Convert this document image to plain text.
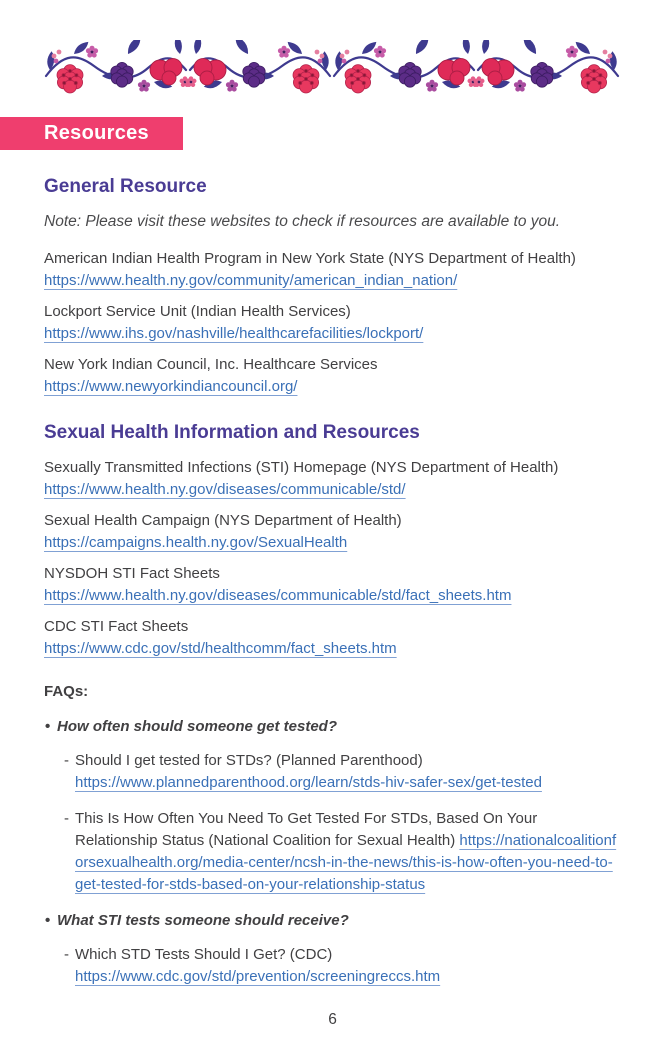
Resources
General Resource

Note: Please visit these websites to check if resources are available to you.

American Indian Health Program in New York State (NYS Department of Health)
https://www.health.ny.gov/community/american_indian_nation/
Lockport Service Unit (Indian Health Services)
https://www.ihs.gov/nashville/healthcarefacilities/lockport/
New York Indian Council, Inc. Healthcare Services
https://www.newyorkindiancouncil.org/
Sexual Health Information and Resources
Sexually Transmitted Infections (STI) Homepage (NYS Department of Health)
https://www.health.ny.gov/diseases/communicable/std/
Sexual Health Campaign (NYS Department of Health)
https://campaigns.health.ny.gov/SexualHealth
NYSDOH STI Fact Sheets
https://www.health.ny.gov/diseases/communicable/std/fact_sheets.htm
CDC STI Fact Sheets
https://www.cdc.gov/std/healthcomm/fact_sheets.htm

FAQs:

• How often should someone get tested?
- Should I get tested for STDs? (Planned Parenthood)
https://www.plannedparenthood.org/learn/stds-hiv-safer-sex/get-tested
- This Is How Often You Need To Get Tested For STDs, Based On Your Relationship Status (National Coalition for Sexual Health) https://nationalcoalitionforsexualhealth.org/media-center/ncsh-in-the-news/this-is-how-often-you-need-to-get-tested-for-stds-based-on-your-relationship-status
• What STI tests someone should receive?
- Which STD Tests Should I Get? (CDC)
https://www.cdc.gov/std/prevention/screeningreccs.htm
6
